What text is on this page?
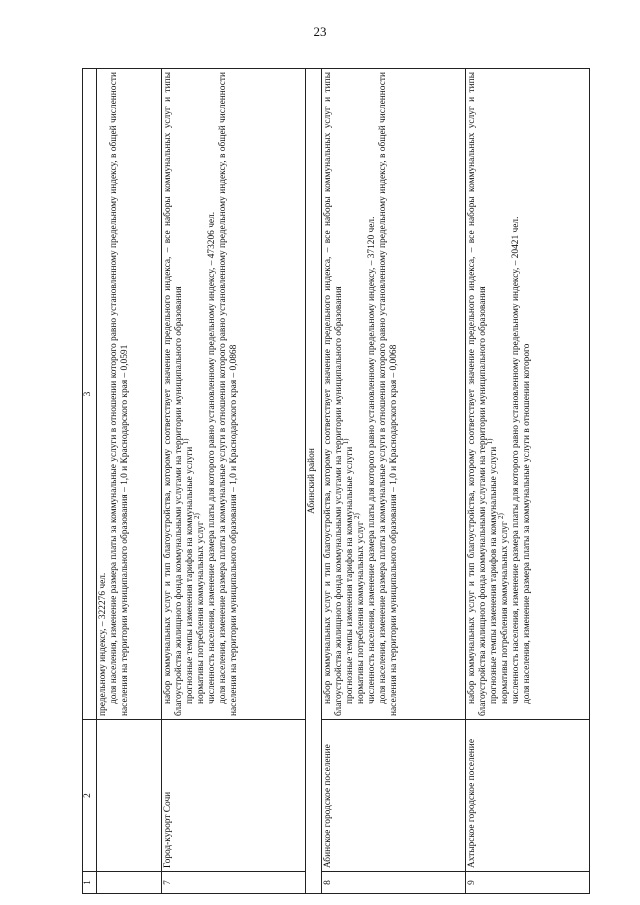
23
1	2	3

		предельному индексу, – 322276 чел. доля населения, изменение размера платы за коммунальные услуги в отношении которого равно установленному предельному индексу, в общей численности населения на территории муниципального образования – 1,0 и Краснодарского края – 0,0591

7	Город-курорт Сочи	набор коммунальных услуг и тип благоустройства, которому соответствует значение предельного индекса, – все наборы коммунальных услуг и типы благоустройства жилищного фонда коммунальными услугами на территории муниципального образования прогнозные темпы изменения тарифов на коммунальные услуги $^{1)}$

нормативы потребления коммунальных услуг $^{2)}$ численность населения, изменение размера платы для которого равно установленному предельному индексу, – 473206 чел. доля населения, изменение размера платы за коммунальные услуги в отношении которого равно установленному предельному индексу, в общей численности населения на территории муниципального образования – 1,0 и Краснодарского края – 0,0868

Абинский район		
8	Абинское городское поселение	набор коммунальных услуг и тип благоустройства, которому соответствует значение предельного индекса, – все наборы коммунальных услуг и типы благоустройства жилищного фонда коммунальными услугами на территории муниципального образования прогнозные темпы изменения тарифов на коммунальные услуги $^{1)}$

нормативы потребления коммунальных услуг $^{2)}$ численность населения, изменение размера платы для которого равно установленному предельному индексу, – 37120 чел. доля населения, изменение размера платы за коммунальные услуги в отношении которого равно установленному предельному индексу, в общей численности населения на территории муниципального образования – 1,0 и Краснодарского края – 0,0068

9	Ахтырское городское поселение	набор коммунальных услуг и тип благоустройства, которому соответствует значение предельного индекса, – все наборы коммунальных услуг и типы благоустройства жилищного фонда коммунальными услугами на территории муниципального образования прогнозные темпы изменения тарифов на коммунальные услуги $^{1)}$

нормативы потребления коммунальных услуг $^{2)}$ численность населения, изменение размера платы для которого равно установленному предельному индексу, – 20421 чел. доля населения, изменение размера платы за коммунальные услуги в отношении которого
